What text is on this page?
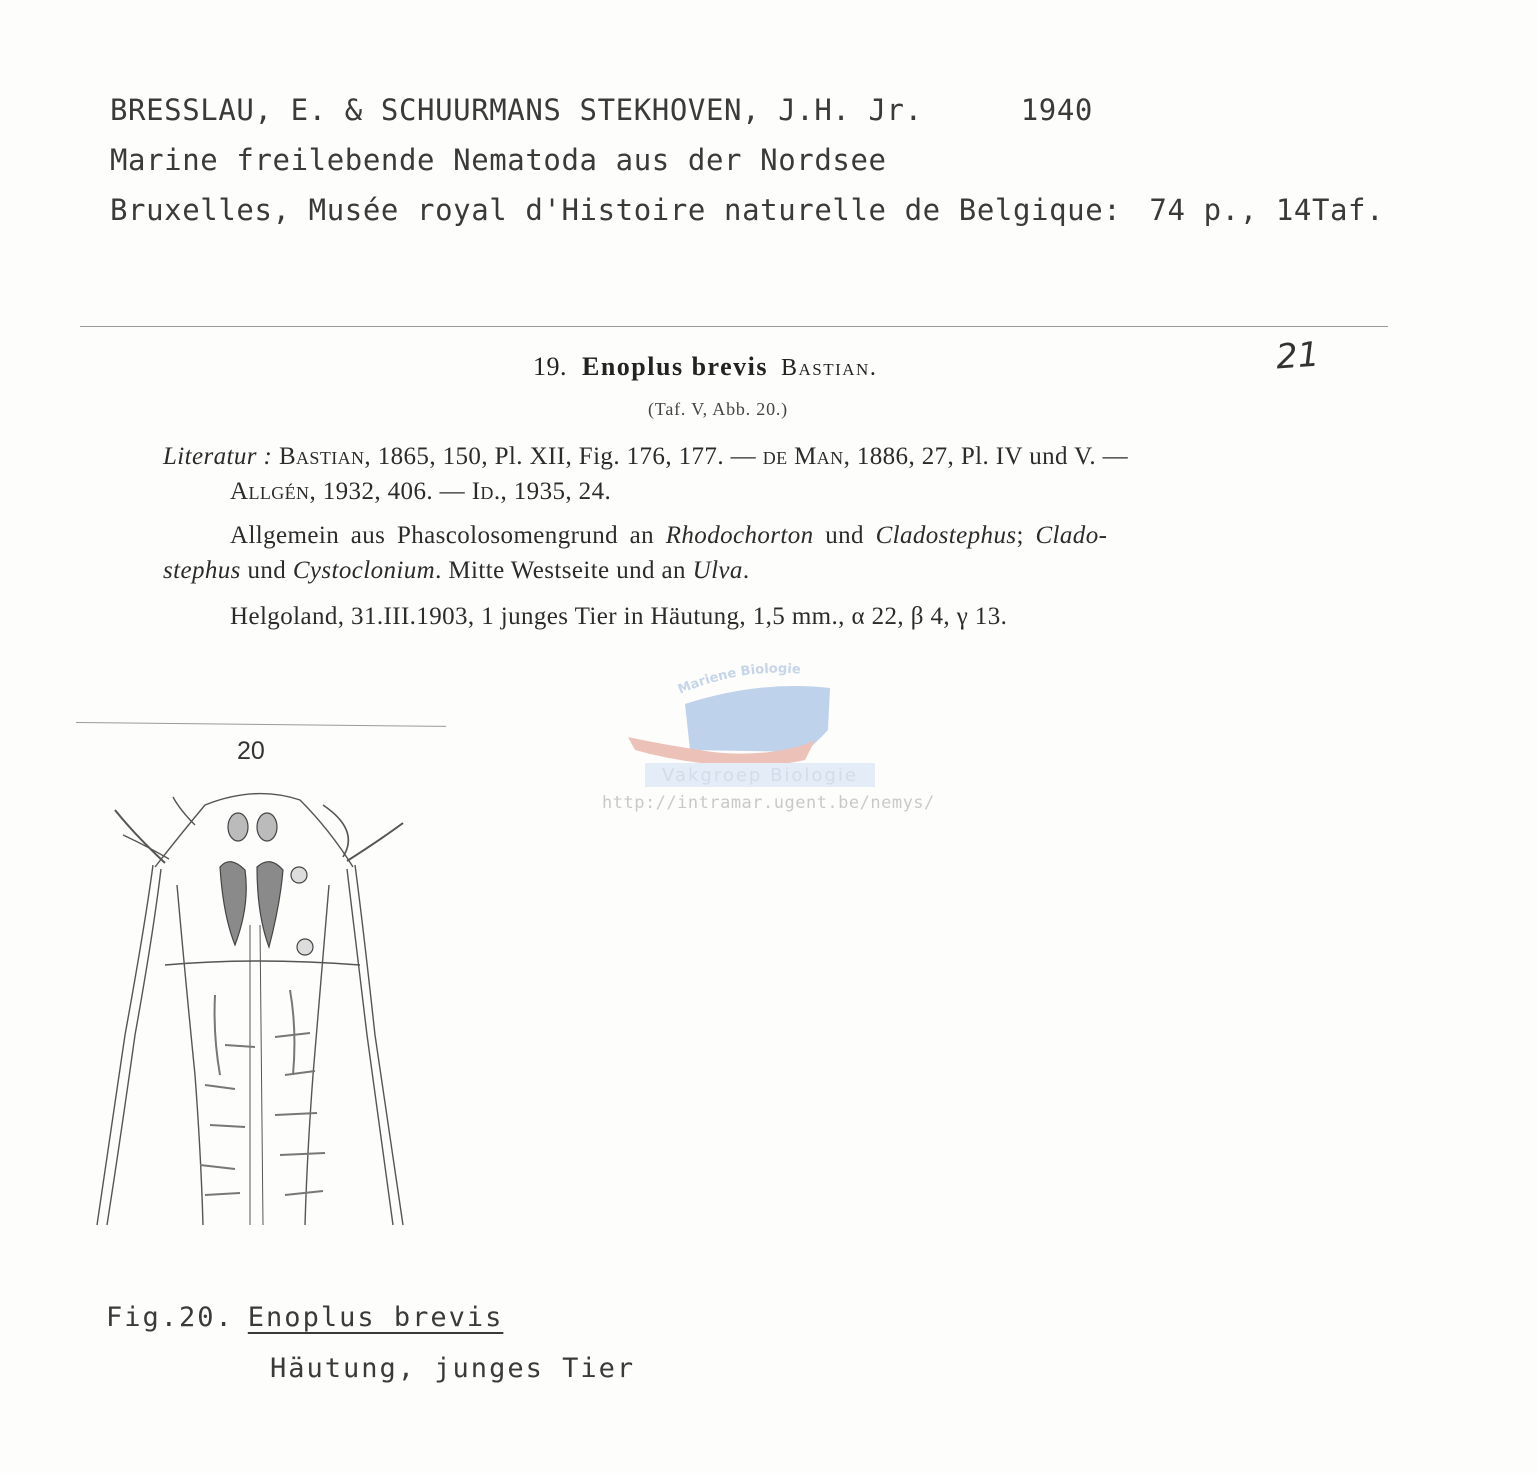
BRESSLAU, E. & SCHUURMANS STEKHOVEN, J.H. Jr.	1940
Marine freilebende Nematoda aus der Nordsee
Bruxelles, Musée royal d'Histoire naturelle de Belgique: 74 p., 14Taf.
21
19. Enoplus brevis Bastian.
(Taf. V, Abb. 20.)
Literatur : Bastian, 1865, 150, Pl. XII, Fig. 176, 177. — de Man, 1886, 27, Pl. IV und V. —
Allgén, 1932, 406. — Id., 1935, 24.
Allgemein aus Phascolosomengrund an Rhodochorton und Cladostephus; Clado-
stephus und Cystoclonium. Mitte Westseite und an Ulva.
Helgoland, 31.III.1903, 1 junges Tier in Häutung, 1,5 mm., α 22, β 4, γ 13.
Mariene Biologie
Vakgroep Biologie
http://intramar.ugent.be/nemys/
20
Fig.20. Enoplus brevis
Häutung, junges Tier
